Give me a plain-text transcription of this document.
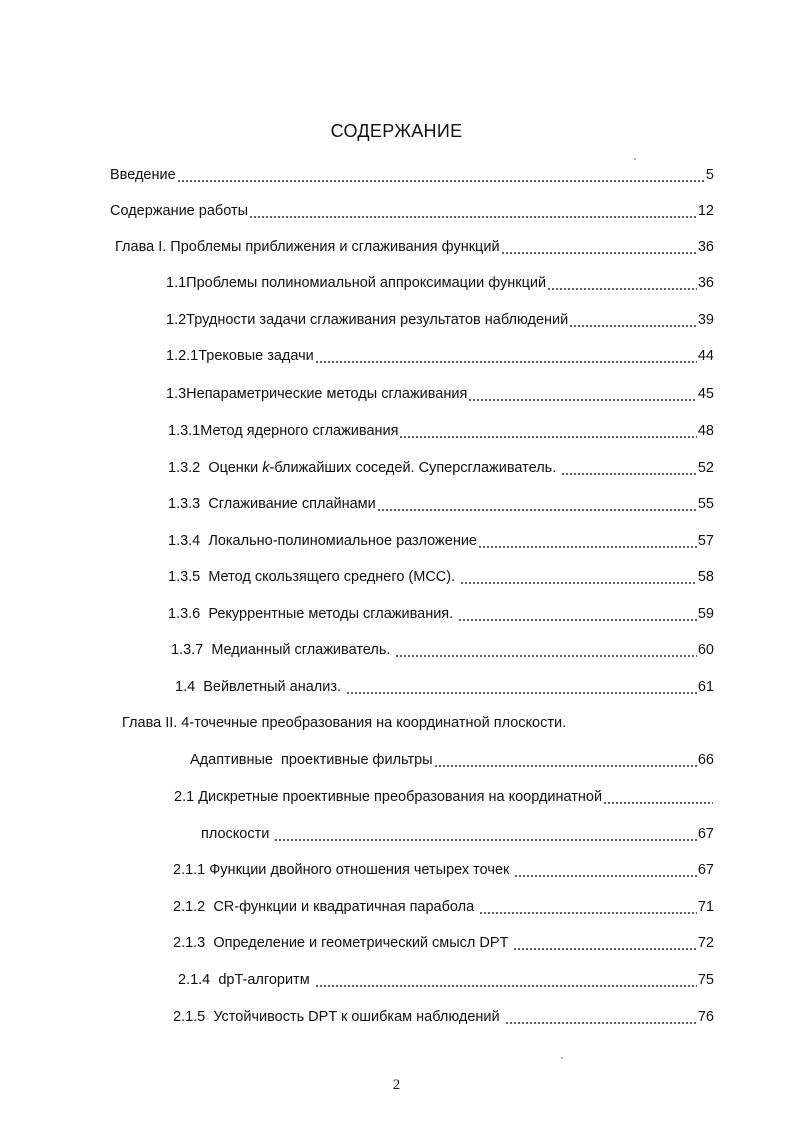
СОДЕРЖАНИЕ
Введение	5
Содержание работы	12
Глава I. Проблемы приближения и сглаживания функций	36
1.1 Проблемы полиномиальной аппроксимации функций	36
1.2 Трудности задачи сглаживания результатов наблюдений	39
1.2.1 Трековые задачи	44
1.3 Непараметрические методы сглаживания	45
1.3.1 Метод ядерного сглаживания	48
1.3.2 Оценки k-ближайших соседей. Суперсглаживатель.	52
1.3.3 Сглаживание сплайнами	55
1.3.4 Локально-полиномиальное разложение	57
1.3.5 Метод скользящего среднего (МСС).	58
1.3.6 Рекуррентные методы сглаживания.	59
1.3.7 Медианный сглаживатель.	60
1.4 Вейвлетный анализ.	61
Глава II. 4-точечные преобразования на координатной плоскости.
Адаптивные  проективные фильтры	66
2.1 Дискретные проективные преобразования на координатной
плоскости	67
2.1.1 Функции двойного отношения четырех точек	67
2.1.2 CR-функции и квадратичная парабола	71
2.1.3 Определение и геометрический смысл DPT	72
2.1.4 dpT-алгоритм	75
2.1.5 Устойчивость DPT к ошибкам наблюдений	76
2
